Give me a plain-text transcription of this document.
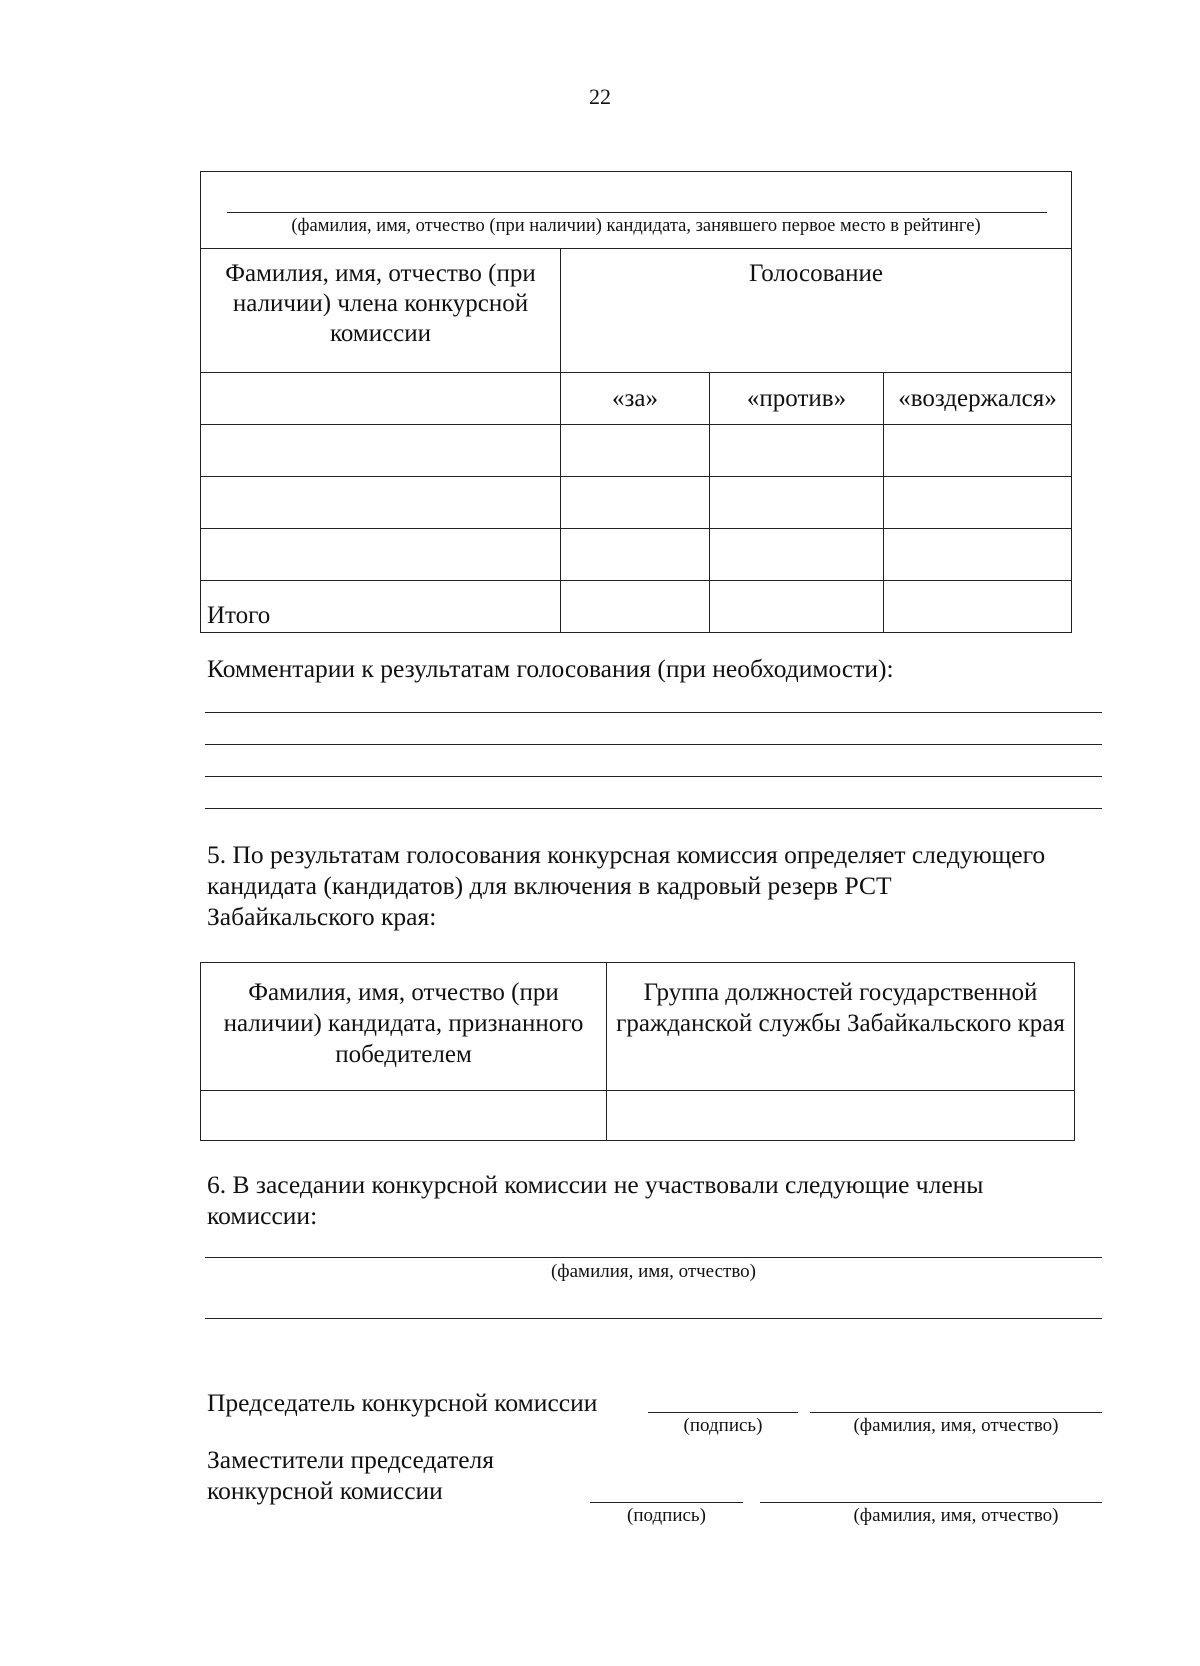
22
(фамилия, имя, отчество (при наличии) кандидата, занявшего первое место в рейтинге)			

Фамилия, имя, отчество (при наличии) члена конкурсной комиссии	Голосование		
	«за»	«против»	«воздержался»

Итого			
Комментарии к результатам голосования (при необходимости):
5. По результатам голосования конкурсная комиссия определяет следующего
кандидата (кандидатов) для включения в кадровый резерв РСТ
Забайкальского края:
Фамилия, имя, отчество (при наличии) кандидата, признанного победителем	Группа должностей государственной гражданской службы Забайкальского края

6. В заседании конкурсной комиссии не участвовали следующие члены
комиссии:
(фамилия, имя, отчество)
Председатель конкурсной комиссии
(подпись)	(фамилия, имя, отчество)
Заместители председателя
конкурсной комиссии
(подпись)	(фамилия, имя, отчество)
